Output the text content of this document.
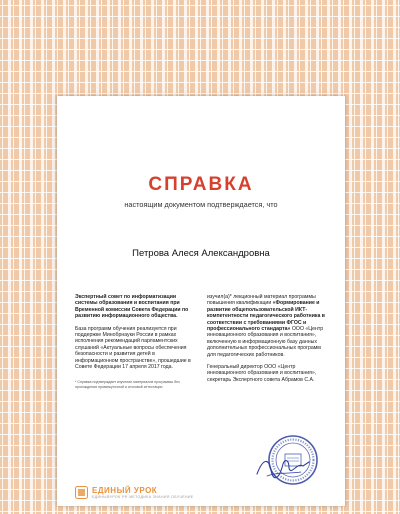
СПРАВКА
настоящим документом подтверждается, что
Петрова Алеся Александровна

Экспертный совет по информатизации системы образования и воспитания при Временной комиссии Совета Федерации по развитию информационного общества.

База программ обучения реализуется при поддержке Минобрнауки России в рамках исполнения рекомендаций парламентских слушаний «Актуальные вопросы обеспечения безопасности и развития детей в информационном пространстве», прошедшие в Совете Федерации 17 апреля 2017 года.

* Справка подтверждает изучение материалов программы без прохождения промежуточной и итоговой аттестации.

изучил(а)* лекционный материал программы повышения квалификации «Формирование и развитие общепользовательской ИКТ-компетентности педагогического работника в соответствии с требованиями ФГОС и профессионального стандарта» ООО «Центр инновационного образования и воспитания», включенную в информационную базу данных дополнительных профессиональных программ для педагогических работников.

Генеральный директор ООО «Центр инновационного образования и воспитания», секретарь Экспертного совета Абрамов С.А.

ЕДИНЫЙ УРОК
ЕДИНЫЙУРОК.РФ МЕТОДИКА ЗНАНИЯ ОБУЧЕНИЕ
